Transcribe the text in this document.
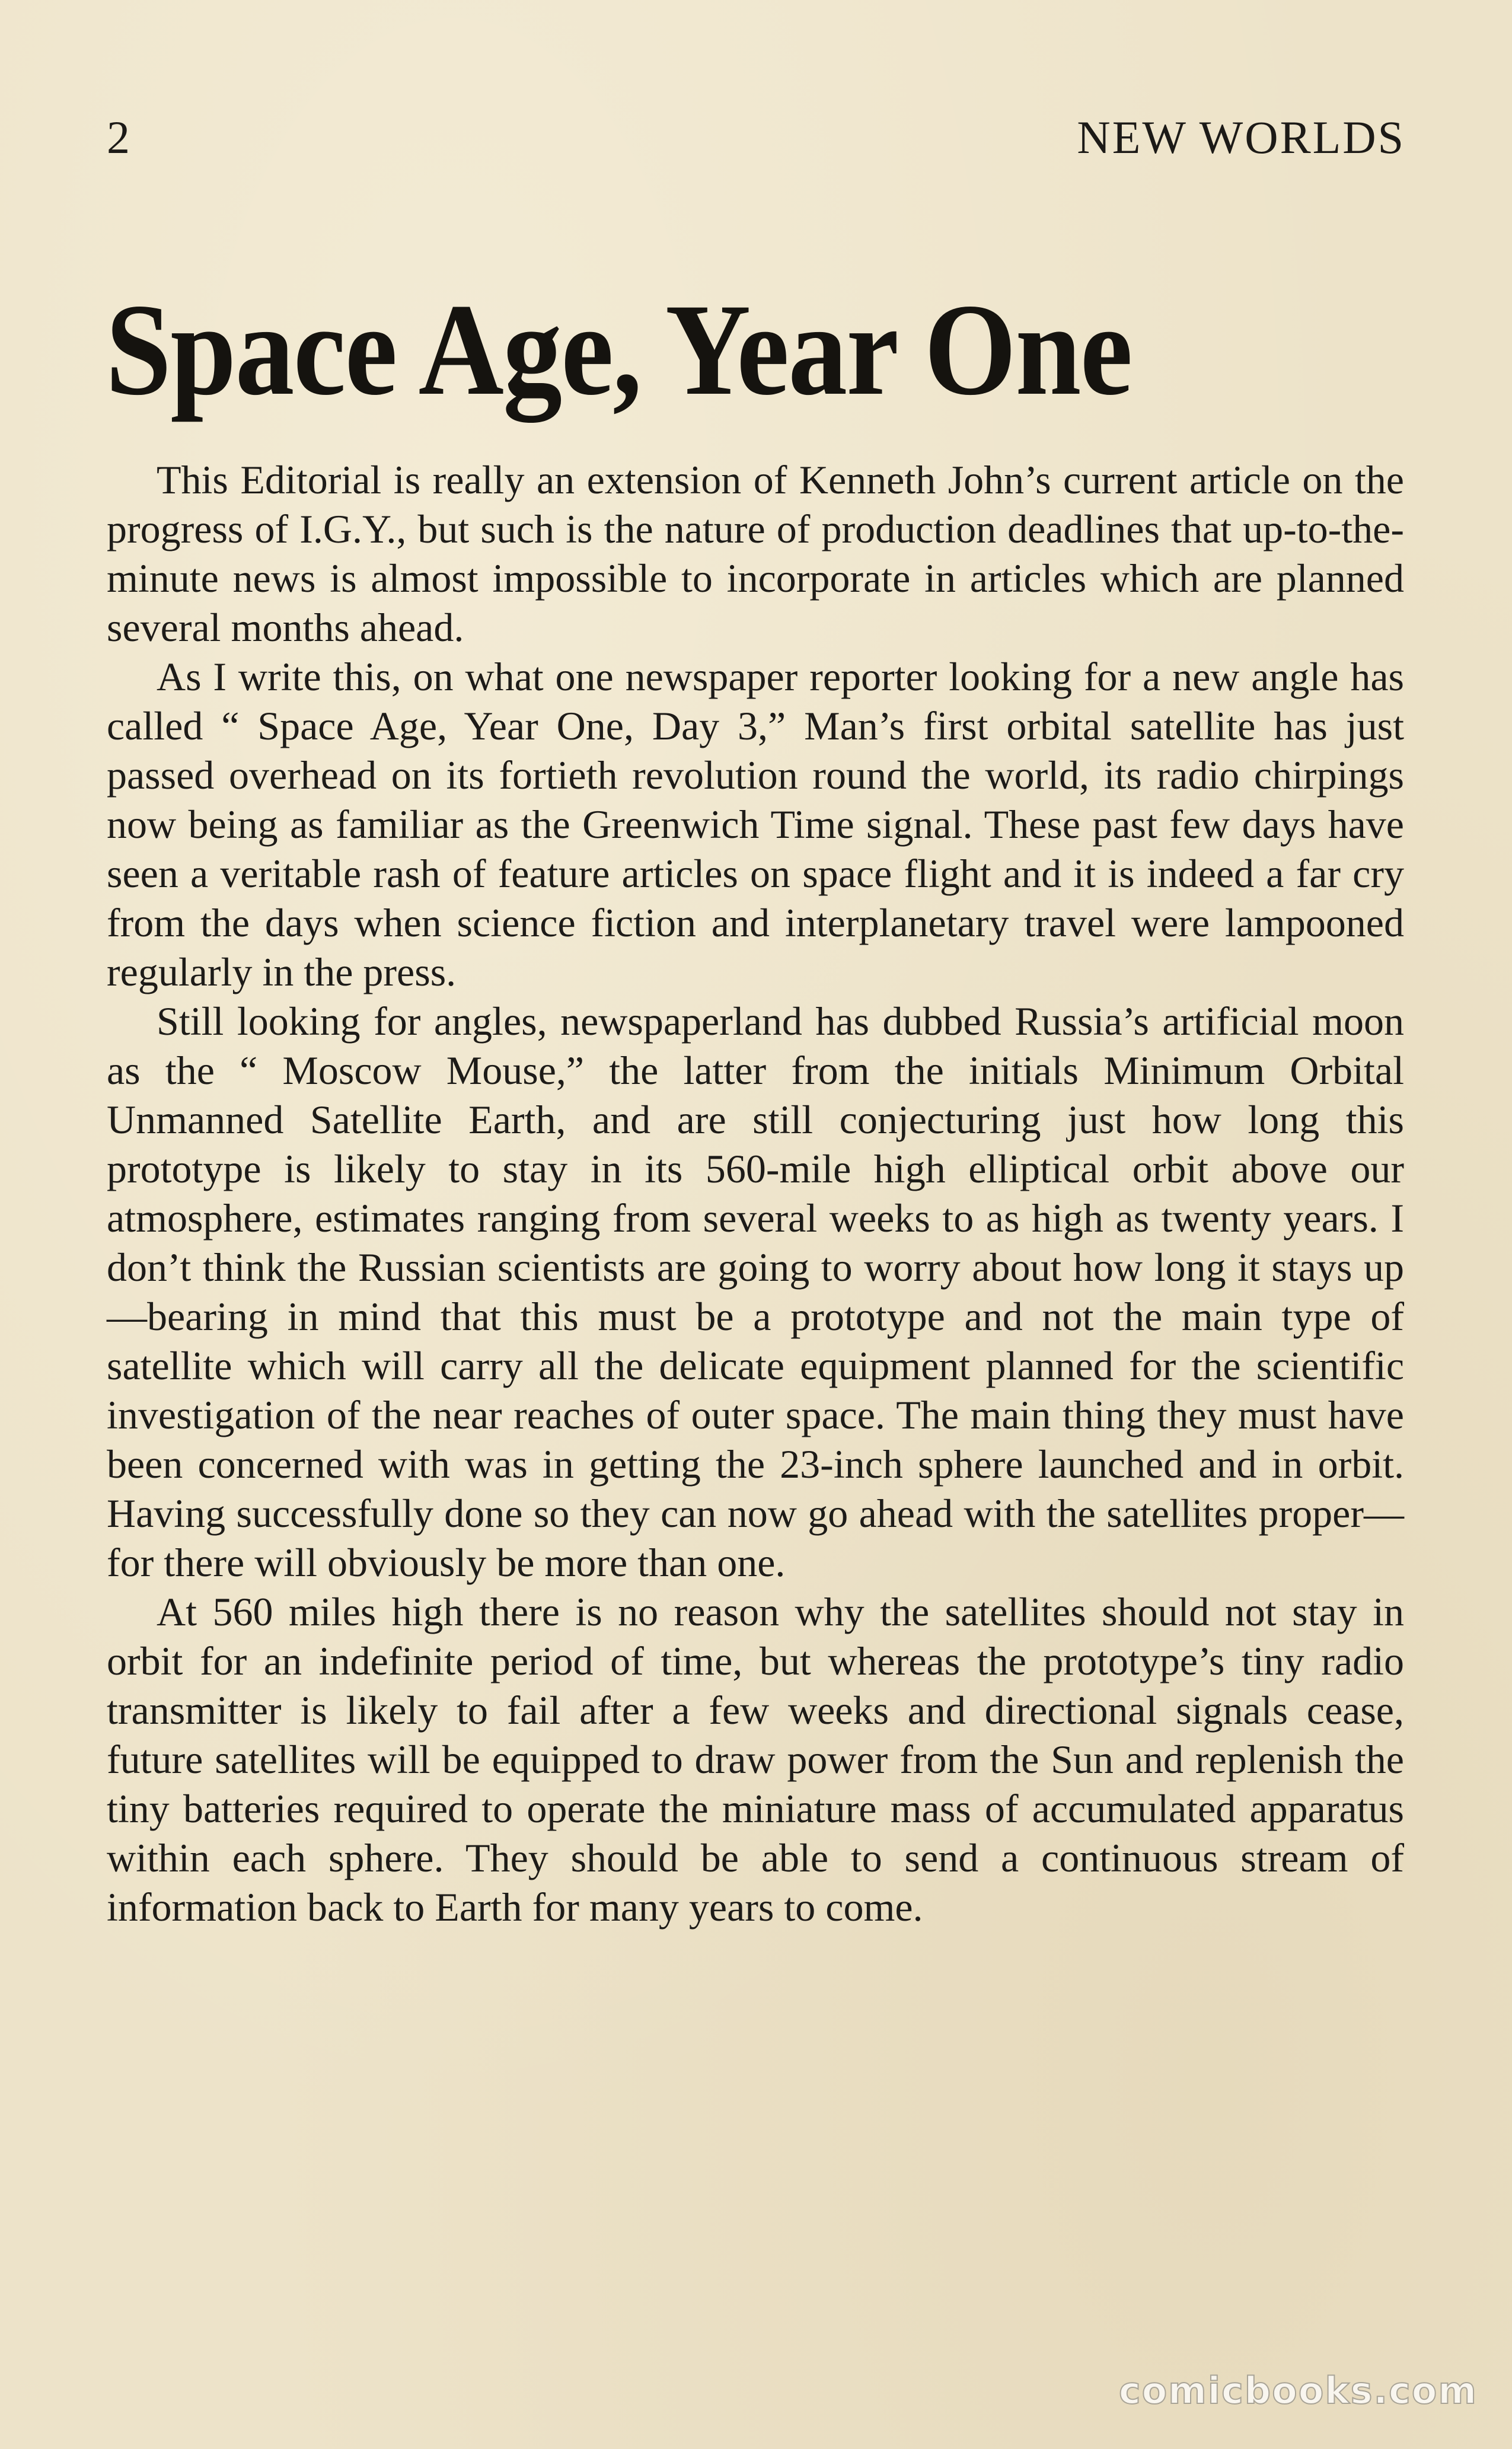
2	NEW WORLDS
Space Age, Year One

This Editorial is really an extension of Kenneth John’s current article on the progress of I.G.Y., but such is the nature of production deadlines that up-to-the-minute news is almost impossible to incorporate in articles which are planned several months ahead.

As I write this, on what one newspaper reporter looking for a new angle has called “ Space Age, Year One, Day 3,” Man’s first orbital satellite has just passed overhead on its fortieth revolution round the world, its radio chirpings now being as familiar as the Greenwich Time signal. These past few days have seen a veritable rash of feature articles on space flight and it is indeed a far cry from the days when science fiction and interplanetary travel were lampooned regularly in the press.

Still looking for angles, newspaperland has dubbed Russia’s artificial moon as the “ Moscow Mouse,” the latter from the initials Minimum Orbital Unmanned Satellite Earth, and are still conjecturing just how long this prototype is likely to stay in its 560-mile high elliptical orbit above our atmosphere, estimates ranging from several weeks to as high as twenty years. I don’t think the Russian scientists are going to worry about how long it stays up—bearing in mind that this must be a prototype and not the main type of satellite which will carry all the delicate equipment planned for the scientific investigation of the near reaches of outer space. The main thing they must have been concerned with was in getting the 23-inch sphere launched and in orbit. Having successfully done so they can now go ahead with the satellites proper—for there will obviously be more than one.

At 560 miles high there is no reason why the satellites should not stay in orbit for an indefinite period of time, but whereas the prototype’s tiny radio transmitter is likely to fail after a few weeks and directional signals cease, future satellites will be equipped to draw power from the Sun and replenish the tiny batteries required to operate the miniature mass of accumulated apparatus within each sphere. They should be able to send a continuous stream of information back to Earth for many years to come.

comicbooks.com
